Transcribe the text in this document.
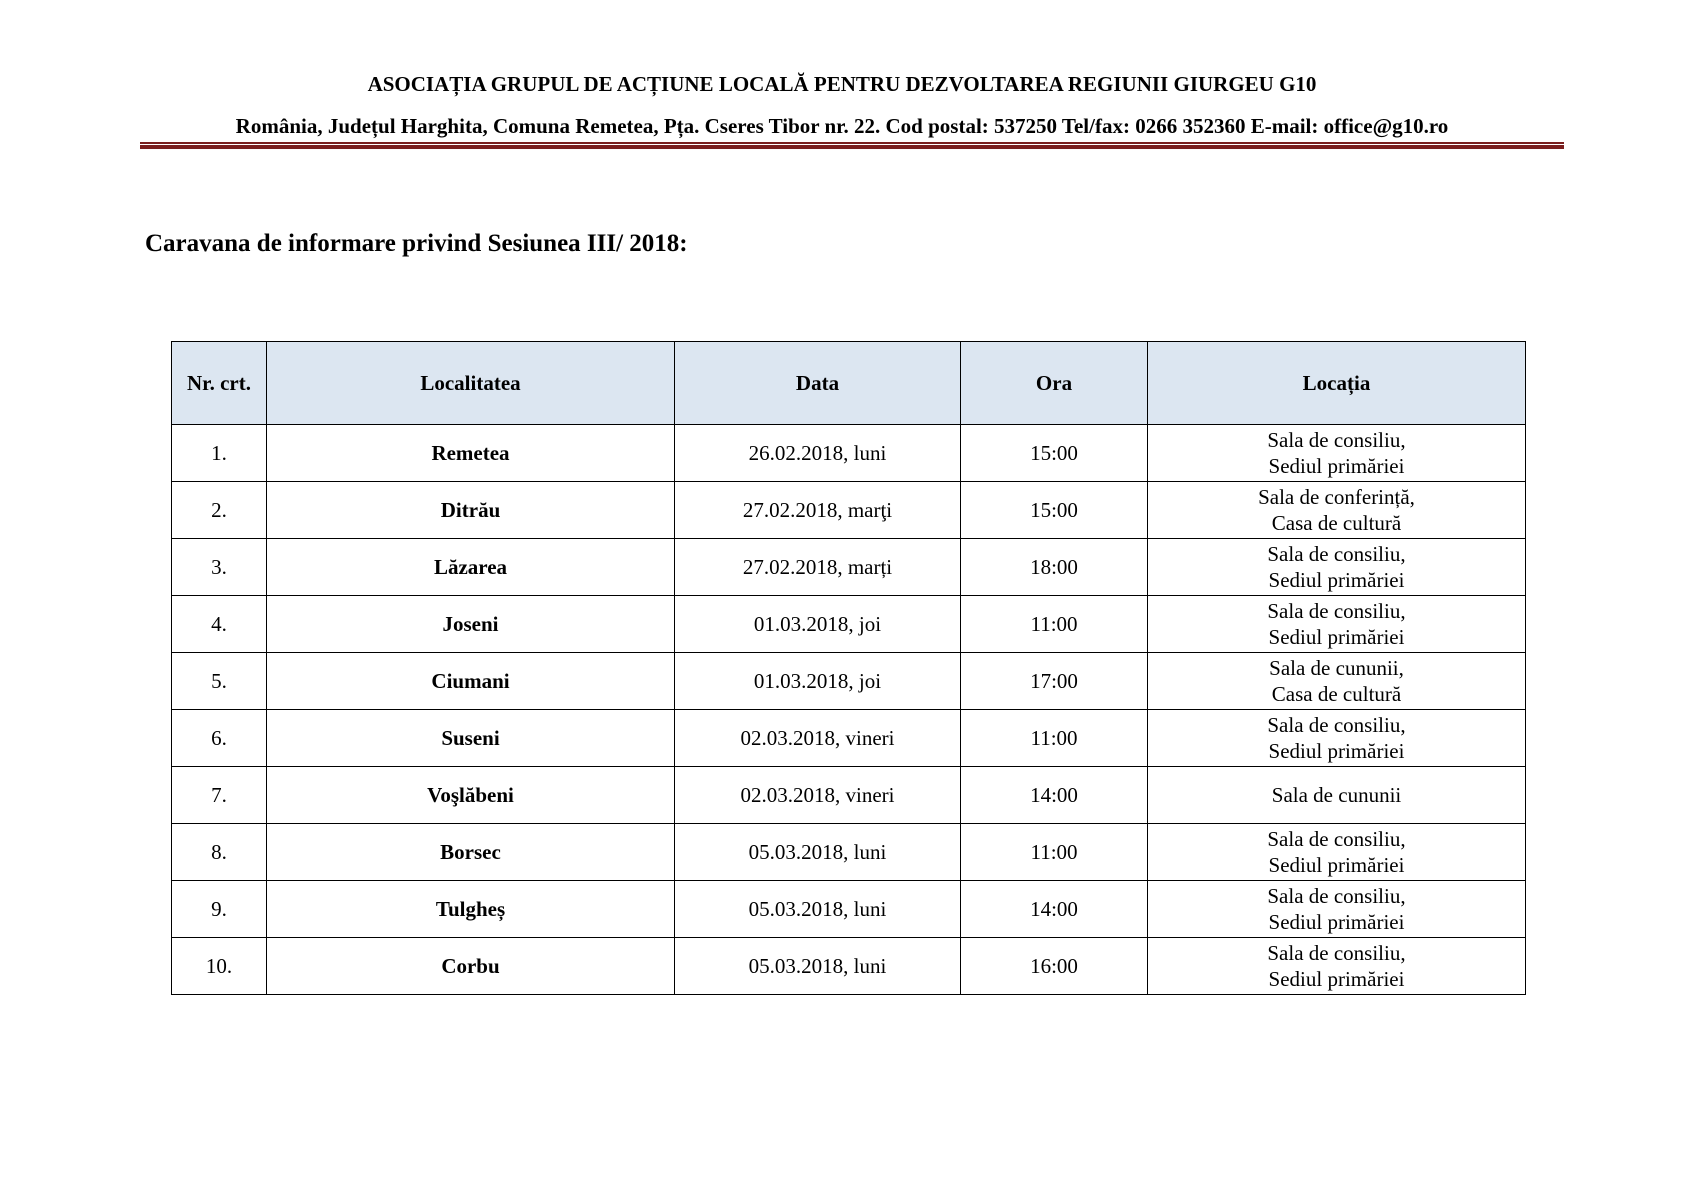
ASOCIAȚIA GRUPUL DE ACȚIUNE LOCALĂ PENTRU DEZVOLTAREA REGIUNII GIURGEU G10
România, Județul Harghita, Comuna Remetea, Pța. Cseres Tibor nr. 22. Cod postal: 537250 Tel/fax: 0266 352360 E-mail: office@g10.ro
Caravana de informare privind Sesiunea III/ 2018:
Nr. crt.	Localitatea	Data	Ora	Locația
1.	Remetea	26.02.2018, luni	15:00	Sala de consiliu,
Sediul primăriei

2.	Ditrău	27.02.2018, marţi	15:00	Sala de conferință,
Casa de cultură

3.	Lăzarea	27.02.2018, marți	18:00	Sala de consiliu,
Sediul primăriei

4.	Joseni	01.03.2018, joi	11:00	Sala de consiliu,
Sediul primăriei

5.	Ciumani	01.03.2018, joi	17:00	Sala de cununii,
Casa de cultură

6.	Suseni	02.03.2018, vineri	11:00	Sala de consiliu,
Sediul primăriei

7.	Voşlăbeni	02.03.2018, vineri	14:00	Sala de cununii

8.	Borsec	05.03.2018, luni	11:00	Sala de consiliu,
Sediul primăriei

9.	Tulgheș	05.03.2018, luni	14:00	Sala de consiliu,
Sediul primăriei

10.	Corbu	05.03.2018, luni	16:00	Sala de consiliu,
Sediul primăriei
